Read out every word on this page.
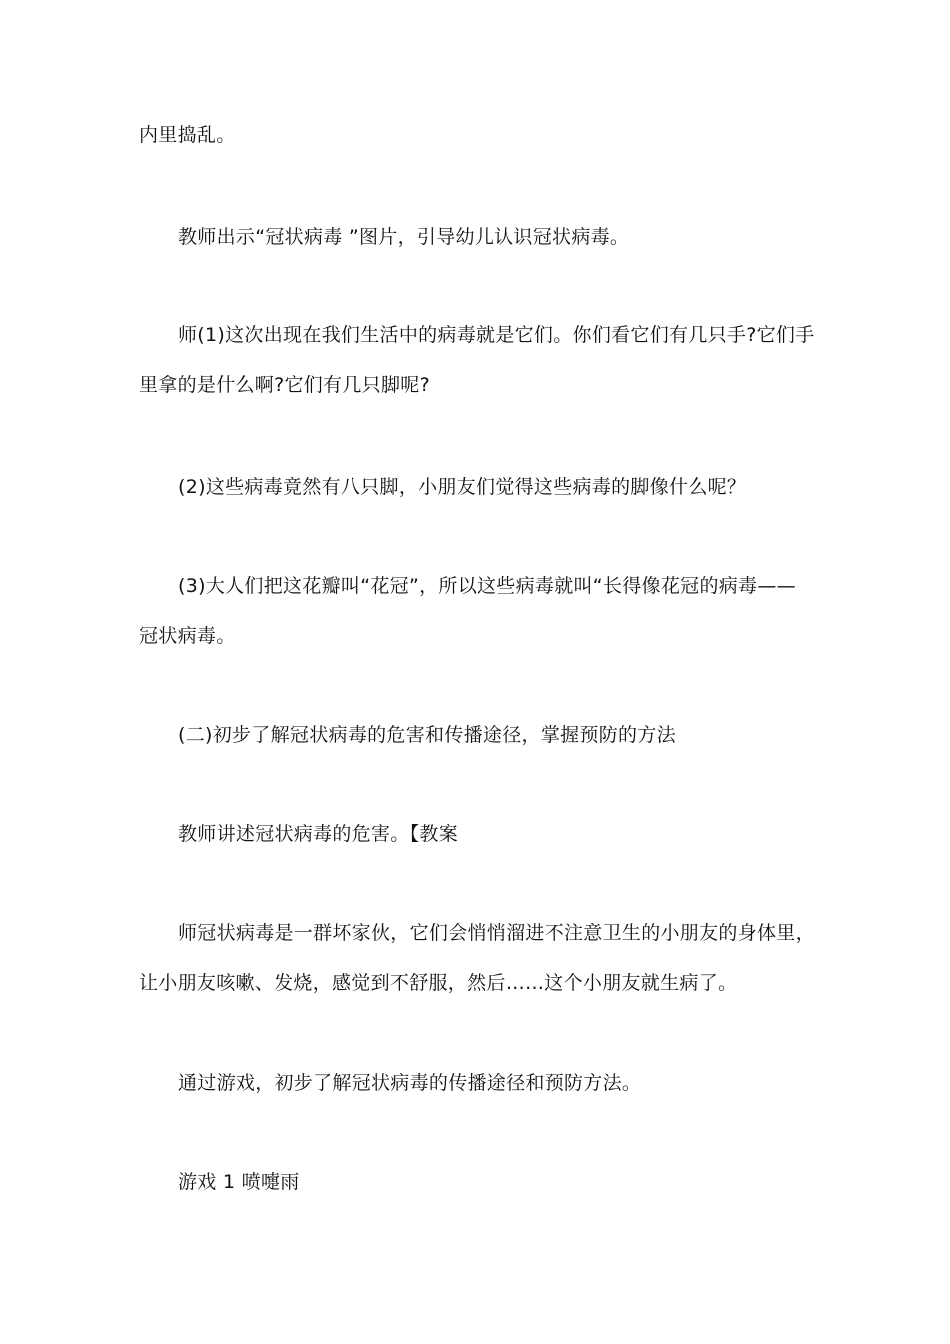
内里捣乱。
教师出示“冠状病毒 ”图片，引导幼儿认识冠状病毒。
师(1)这次出现在我们生活中的病毒就是它们。你们看它们有几只手?它们手
里拿的是什么啊?它们有几只脚呢?
(2)这些病毒竟然有八只脚，小朋友们觉得这些病毒的脚像什么呢？
(3)大人们把这花瓣叫“花冠”，所以这些病毒就叫“长得像花冠的病毒——
冠状病毒。
(二)初步了解冠状病毒的危害和传播途径，掌握预防的方法
教师讲述冠状病毒的危害。【教案
师冠状病毒是一群坏家伙，它们会悄悄溜进不注意卫生的小朋友的身体里，
让小朋友咳嗽、发烧，感觉到不舒服，然后……这个小朋友就生病了。
通过游戏，初步了解冠状病毒的传播途径和预防方法。
游戏 1 喷嚏雨
